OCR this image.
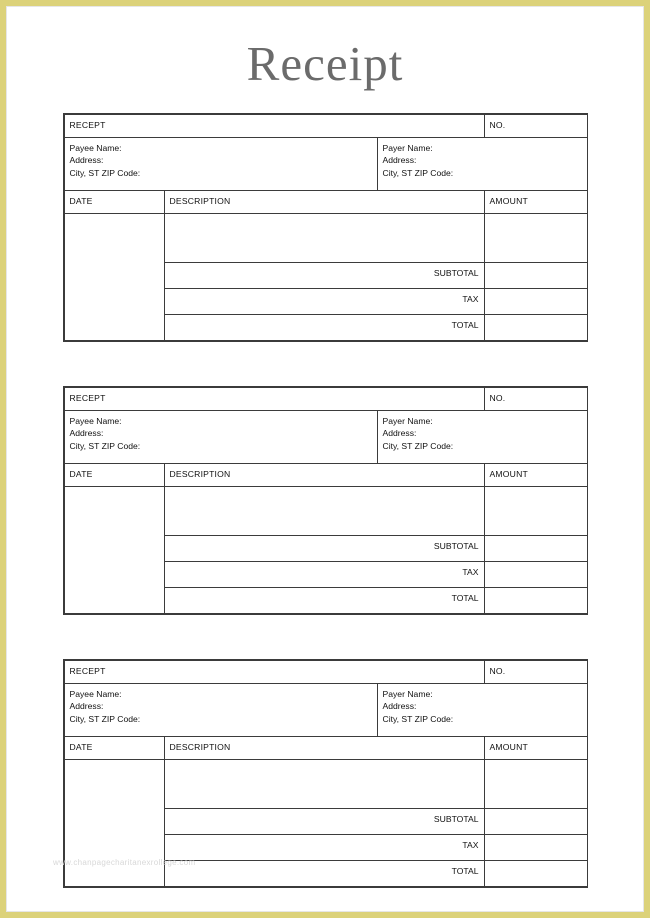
Receipt
RECEPT			NO.

Payee Name:
Address:
City, ST ZIP Code:

Payer Name:
Address:
City, ST ZIP Code:

DATE	DESCRIPTION		AMOUNT

	SUBTOTAL		
	TAX		
	TOTAL		
RECEPT			NO.

Payee Name:
Address:
City, ST ZIP Code:

Payer Name:
Address:
City, ST ZIP Code:

DATE	DESCRIPTION		AMOUNT

	SUBTOTAL		
	TAX		
	TOTAL		
RECEPT			NO.

Payee Name:
Address:
City, ST ZIP Code:

Payer Name:
Address:
City, ST ZIP Code:

DATE	DESCRIPTION		AMOUNT

	SUBTOTAL		
	TAX		
	TOTAL		
www.chanpagecharitanexrollege.com
